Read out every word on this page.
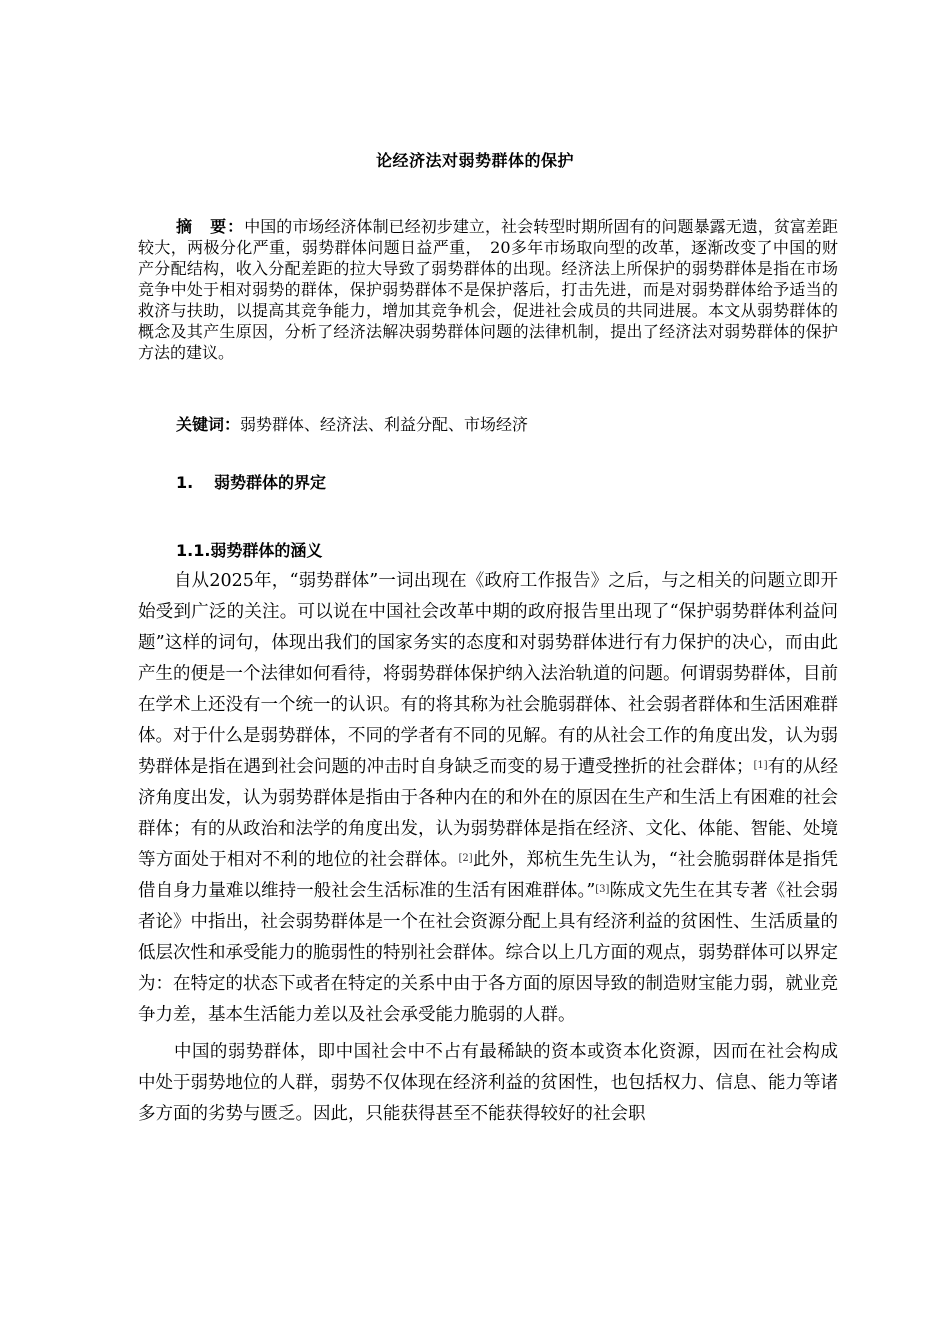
论经济法对弱势群体的保护
摘　要：中国的市场经济体制已经初步建立，社会转型时期所固有的问题暴露无遗，贫富差距较大，两极分化严重，弱势群体问题日益严重，　20多年市场取向型的改革，逐渐改变了中国的财产分配结构，收入分配差距的拉大导致了弱势群体的出现。经济法上所保护的弱势群体是指在市场竞争中处于相对弱势的群体，保护弱势群体不是保护落后，打击先进，而是对弱势群体给予适当的救济与扶助，以提高其竞争能力，增加其竞争机会，促进社会成员的共同进展。本文从弱势群体的概念及其产生原因，分析了经济法解决弱势群体问题的法律机制，提出了经济法对弱势群体的保护方法的建议。
关键词：弱势群体、经济法、利益分配、市场经济
1. 弱势群体的界定
1.1.弱势群体的涵义

自从2025年，“弱势群体”一词出现在《政府工作报告》之后，与之相关的问题立即开始受到广泛的关注。可以说在中国社会改革中期的政府报告里出现了“保护弱势群体利益问题”这样的词句，体现出我们的国家务实的态度和对弱势群体进行有力保护的决心，而由此产生的便是一个法律如何看待，将弱势群体保护纳入法治轨道的问题。何谓弱势群体，目前在学术上还没有一个统一的认识。有的将其称为社会脆弱群体、社会弱者群体和生活困难群体。对于什么是弱势群体，不同的学者有不同的见解。有的从社会工作的角度出发，认为弱势群体是指在遇到社会问题的冲击时自身缺乏而变的易于遭受挫折的社会群体；[1]有的从经济角度出发，认为弱势群体是指由于各种内在的和外在的原因在生产和生活上有困难的社会群体；有的从政治和法学的角度出发，认为弱势群体是指在经济、文化、体能、智能、处境等方面处于相对不利的地位的社会群体。[2]此外，郑杭生先生认为，“社会脆弱群体是指凭借自身力量难以维持一般社会生活标准的生活有困难群体。”[3]陈成文先生在其专著《社会弱者论》中指出，社会弱势群体是一个在社会资源分配上具有经济利益的贫困性、生活质量的低层次性和承受能力的脆弱性的特别社会群体。综合以上几方面的观点，弱势群体可以界定为：在特定的状态下或者在特定的关系中由于各方面的原因导致的制造财宝能力弱，就业竞争力差，基本生活能力差以及社会承受能力脆弱的人群。

中国的弱势群体，即中国社会中不占有最稀缺的资本或资本化资源，因而在社会构成中处于弱势地位的人群，弱势不仅体现在经济利益的贫困性，也包括权力、信息、能力等诸多方面的劣势与匮乏。因此，只能获得甚至不能获得较好的社会职
